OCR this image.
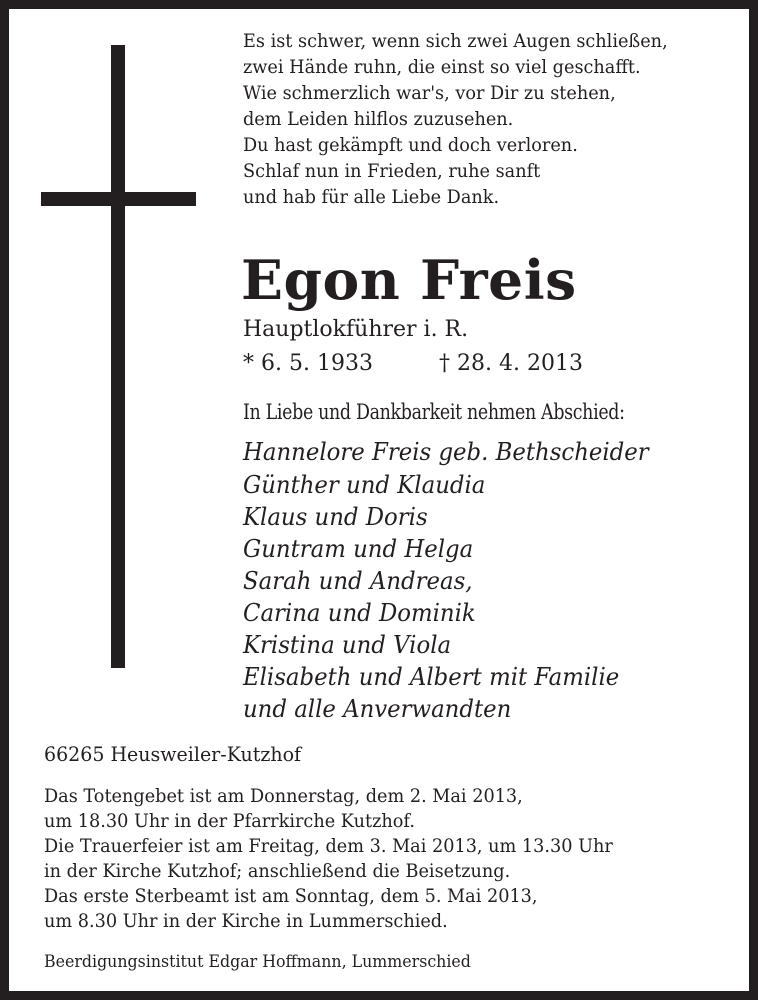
Es ist schwer, wenn sich zwei Augen schließen,
zwei Hände ruhn, die einst so viel geschafft.
Wie schmerzlich war's, vor Dir zu stehen,
dem Leiden hilflos zuzusehen.
Du hast gekämpft und doch verloren.
Schlaf nun in Frieden, ruhe sanft
und hab für alle Liebe Dank.
Egon Freis
Hauptlokführer i. R.
* 6. 5. 1933	† 28. 4. 2013
In Liebe und Dankbarkeit nehmen Abschied:
Hannelore Freis geb. Bethscheider
Günther und Klaudia
Klaus und Doris
Guntram und Helga
Sarah und Andreas,
Carina und Dominik
Kristina und Viola
Elisabeth und Albert mit Familie
und alle Anverwandten
66265 Heusweiler-Kutzhof
Das Totengebet ist am Donnerstag, dem 2. Mai 2013,
um 18.30 Uhr in der Pfarrkirche Kutzhof.
Die Trauerfeier ist am Freitag, dem 3. Mai 2013, um 13.30 Uhr
in der Kirche Kutzhof; anschließend die Beisetzung.
Das erste Sterbeamt ist am Sonntag, dem 5. Mai 2013,
um 8.30 Uhr in der Kirche in Lummerschied.
Beerdigungsinstitut Edgar Hoffmann, Lummerschied
